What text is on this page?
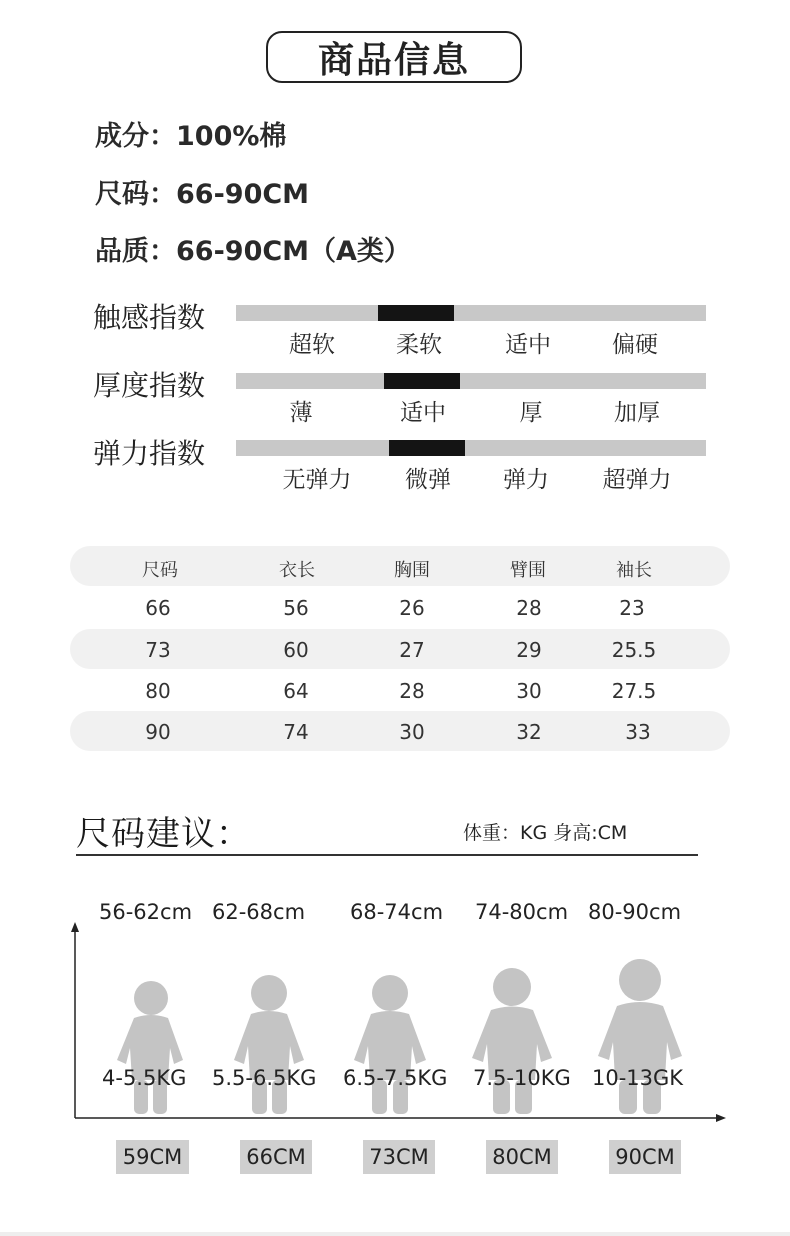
商品信息
成分：100%棉
尺码：66-90CM
品质：66-90CM（A类）
触感指数
超软	柔软	适中	偏硬
厚度指数
薄	适中	厚	加厚
弹力指数
无弹力	微弹	弹力	超弹力
尺码	衣长	胸围	臂围	袖长
66	56	26	28	23
73	60	27	29	25.5
80	64	28	30	27.5
90	74	30	32	33
尺码建议：	体重：KG 身高:CM
56-62cm 62-68cm 68-74cm 74-80cm 80-90cm
4-5.5KG 5.5-6.5KG 6.5-7.5KG 7.5-10KG 10-13GK
59CM	66CM	73CM	80CM	90CM
